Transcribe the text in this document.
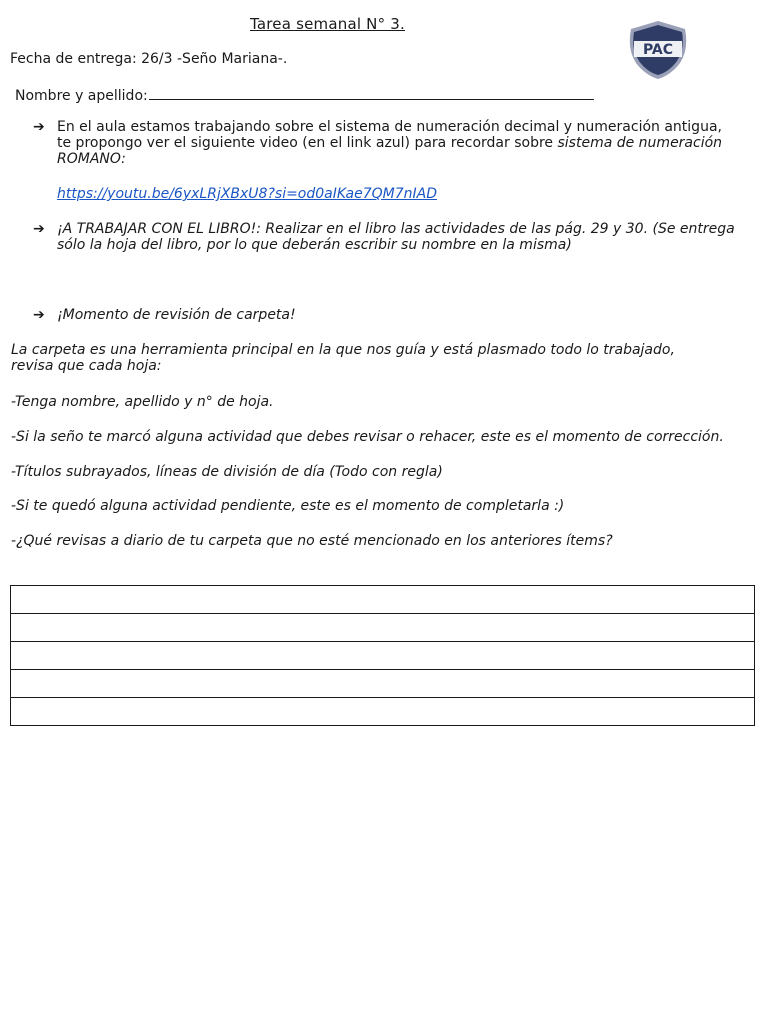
Tarea semanal N° 3.
PAC
Fecha de entrega: 26/3 -Seño Mariana-.
Nombre y apellido:
➔ En el aula estamos trabajando sobre el sistema de numeración decimal y numeración antigua,
te propongo ver el siguiente video (en el link azul) para recordar sobre sistema de numeración
ROMANO:
https://youtu.be/6yxLRjXBxU8?si=od0aIKae7QM7nIAD
➔ ¡A TRABAJAR CON EL LIBRO!: Realizar en el libro las actividades de las pág. 29 y 30. (Se entrega
sólo la hoja del libro, por lo que deberán escribir su nombre en la misma)
➔ ¡Momento de revisión de carpeta!
La carpeta es una herramienta principal en la que nos guía y está plasmado todo lo trabajado,
revisa que cada hoja:
-Tenga nombre, apellido y n° de hoja.
-Si la seño te marcó alguna actividad que debes revisar o rehacer, este es el momento de corrección.
-Títulos subrayados, líneas de división de día (Todo con regla)
-Si te quedó alguna actividad pendiente, este es el momento de completarla :)
-¿Qué revisas a diario de tu carpeta que no esté mencionado en los anteriores ítems?
